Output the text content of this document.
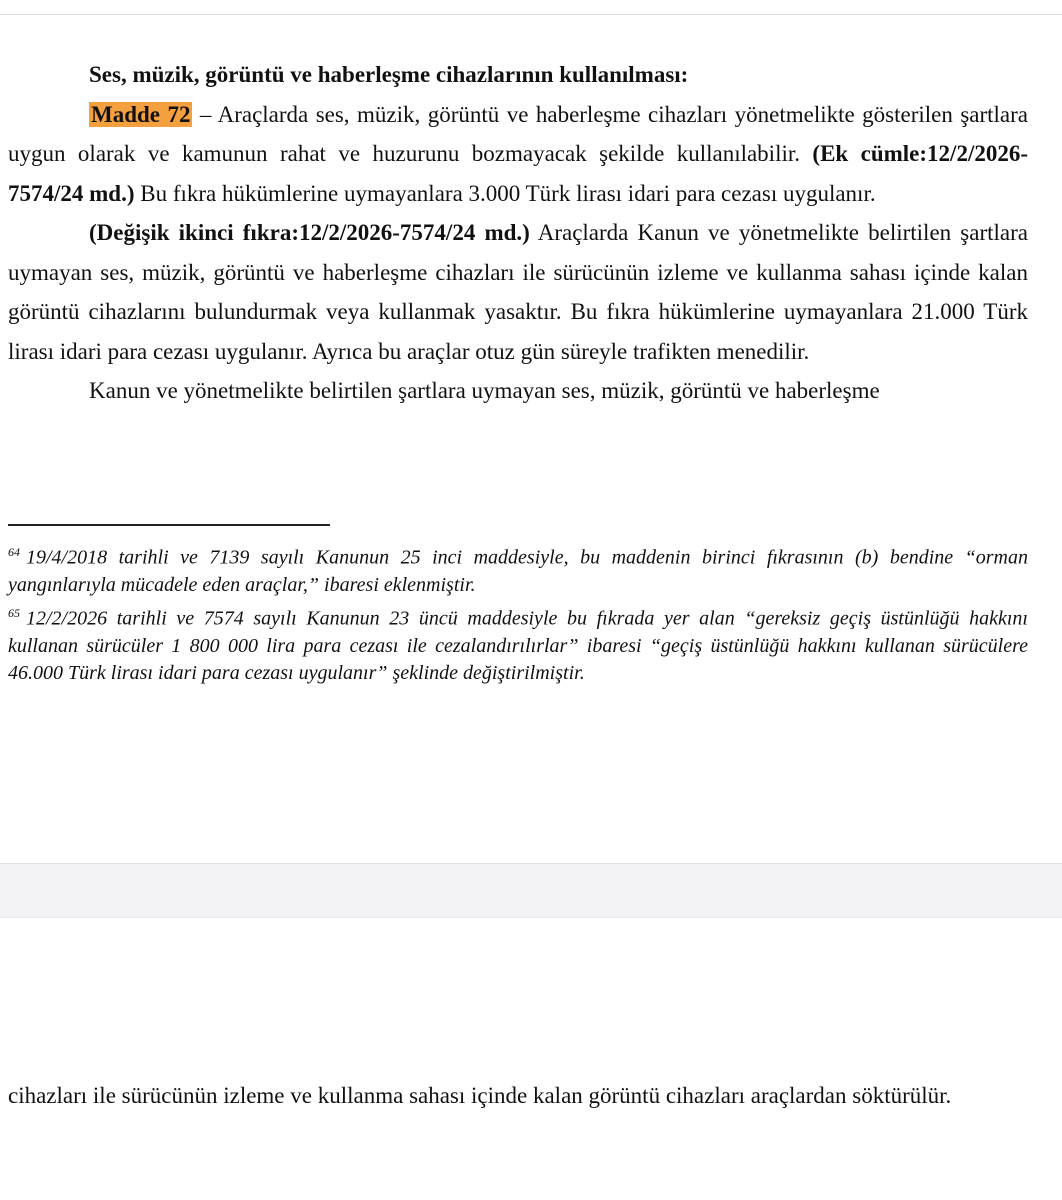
Ses, müzik, görüntü ve haberleşme cihazlarının kullanılması:

Madde 72 – Araçlarda ses, müzik, görüntü ve haberleşme cihazları yönetmelikte gösterilen şartlara uygun olarak ve kamunun rahat ve huzurunu bozmayacak şekilde kullanılabilir. (Ek cümle:12/2/2026-7574/24 md.) Bu fıkra hükümlerine uymayanlara 3.000 Türk lirası idari para cezası uygulanır.

(Değişik ikinci fıkra:12/2/2026-7574/24 md.) Araçlarda Kanun ve yönetmelikte belirtilen şartlara uymayan ses, müzik, görüntü ve haberleşme cihazları ile sürücünün izleme ve kullanma sahası içinde kalan görüntü cihazlarını bulundurmak veya kullanmak yasaktır. Bu fıkra hükümlerine uymayanlara 21.000 Türk lirası idari para cezası uygulanır. Ayrıca bu araçlar otuz gün süreyle trafikten menedilir.

Kanun ve yönetmelikte belirtilen şartlara uymayan ses, müzik, görüntü ve haberleşme

$^{64}$ 19/4/2018 tarihli ve 7139 sayılı Kanunun 25 inci maddesiyle, bu maddenin birinci fıkrasının (b) bendine “orman yangınlarıyla mücadele eden araçlar,” ibaresi eklenmiştir.

$^{65}$ 12/2/2026 tarihli ve 7574 sayılı Kanunun 23 üncü maddesiyle bu fıkrada yer alan “gereksiz geçiş üstünlüğü hakkını kullanan sürücüler 1 800 000 lira para cezası ile cezalandırılırlar” ibaresi “geçiş üstünlüğü hakkını kullanan sürücülere 46.000 Türk lirası idari para cezası uygulanır” şeklinde değiştirilmiştir.

cihazları ile sürücünün izleme ve kullanma sahası içinde kalan görüntü cihazları araçlardan söktürülür.
